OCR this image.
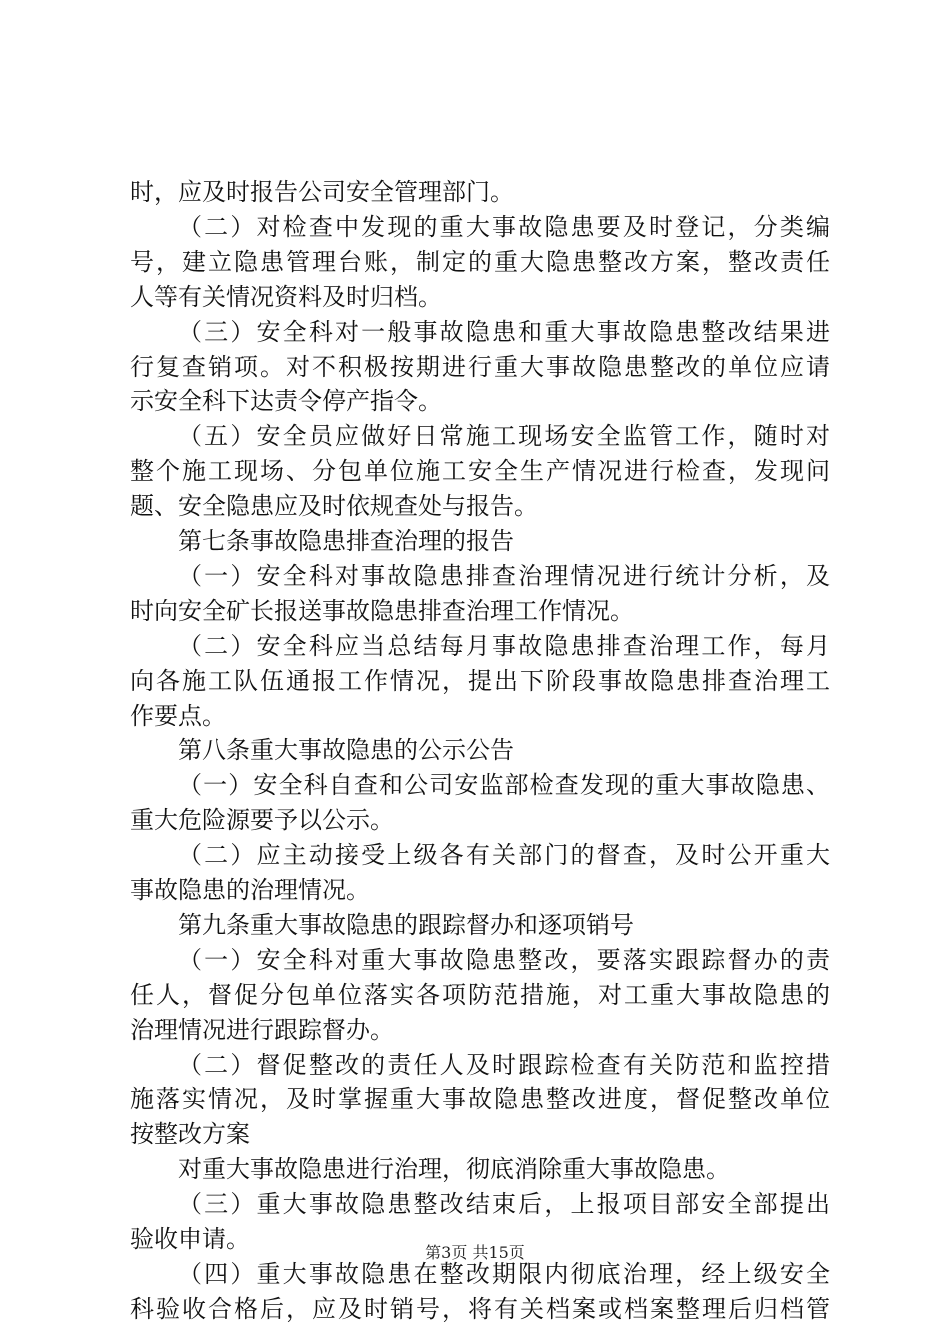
时，应及时报告公司安全管理部门。
（二）对检查中发现的重大事故隐患要及时登记，分类编
号，建立隐患管理台账，制定的重大隐患整改方案，整改责任
人等有关情况资料及时归档。
（三）安全科对一般事故隐患和重大事故隐患整改结果进
行复查销项。对不积极按期进行重大事故隐患整改的单位应请
示安全科下达责令停产指令。
（五）安全员应做好日常施工现场安全监管工作，随时对
整个施工现场、分包单位施工安全生产情况进行检查，发现问
题、安全隐患应及时依规查处与报告。
第七条事故隐患排查治理的报告
（一）安全科对事故隐患排查治理情况进行统计分析，及
时向安全矿长报送事故隐患排查治理工作情况。
（二）安全科应当总结每月事故隐患排查治理工作，每月
向各施工队伍通报工作情况，提出下阶段事故隐患排查治理工
作要点。
第八条重大事故隐患的公示公告
（一）安全科自查和公司安监部检查发现的重大事故隐患、
重大危险源要予以公示。
（二）应主动接受上级各有关部门的督查，及时公开重大
事故隐患的治理情况。
第九条重大事故隐患的跟踪督办和逐项销号
（一）安全科对重大事故隐患整改，要落实跟踪督办的责
任人，督促分包单位落实各项防范措施，对工重大事故隐患的
治理情况进行跟踪督办。
（二）督促整改的责任人及时跟踪检查有关防范和监控措
施落实情况，及时掌握重大事故隐患整改进度，督促整改单位
按整改方案
对重大事故隐患进行治理，彻底消除重大事故隐患。
（三）重大事故隐患整改结束后，上报项目部安全部提出
验收申请。
（四）重大事故隐患在整改期限内彻底治理，经上级安全
科验收合格后，应及时销号，将有关档案或档案整理后归档管
第3页 共15页
